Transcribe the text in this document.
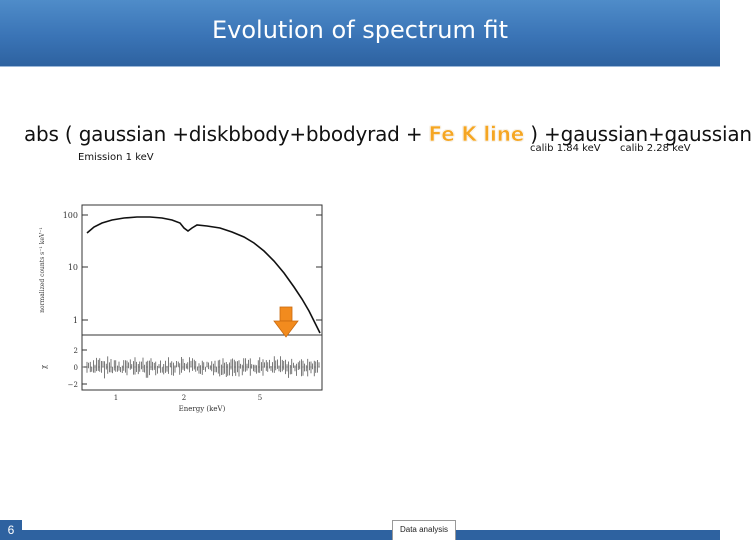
Evolution of spectrum fit
abs ( gaussian +diskbbody+bbodyrad + Fe K line ) +gaussian+gaussian
Emission 1 keV
calib 1.84 keV calib 2.28 keV
100
10
1
2
0
−2
1	2	5
Energy (keV)
normalized counts s⁻¹ keV⁻¹
χ
6	Data analysis
